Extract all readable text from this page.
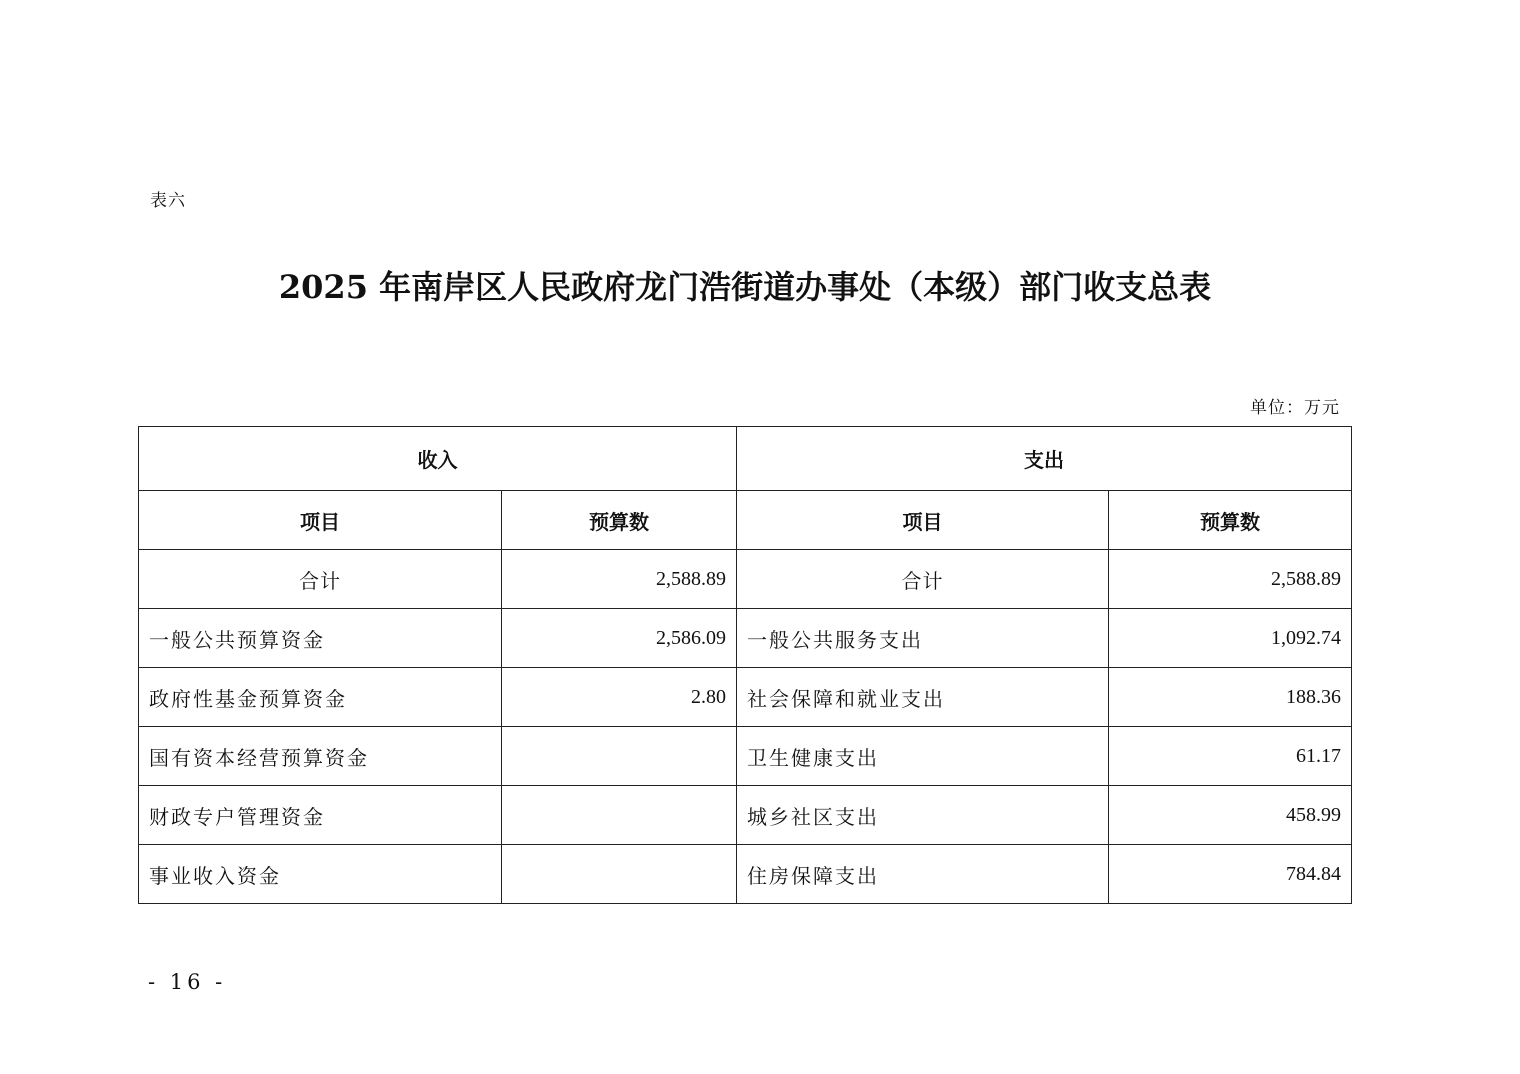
表六
2025 年南岸区人民政府龙门浩街道办事处（本级）部门收支总表
单位：万元
收入		支出	
项目	预算数	项目	预算数
合计	2,588.89	合计	2,588.89
一般公共预算资金	2,586.09	一般公共服务支出	1,092.74
政府性基金预算资金	2.80	社会保障和就业支出	188.36
国有资本经营预算资金		卫生健康支出	61.17
财政专户管理资金		城乡社区支出	458.99
事业收入资金		住房保障支出	784.84
- 16 -
